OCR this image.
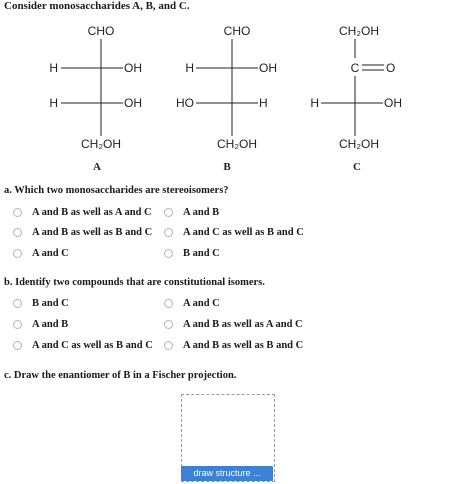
Consider monosaccharides A, B, and C.
CHO
H	OH
H	OH
CH₂OH
A
CHO
H	OH
HO	H
CH₂OH
B
CH₂OH
C O
H	OH
CH₂OH
C
a. Which two monosaccharides are stereoisomers?
A and B as well as A and C	A and B
A and B as well as B and C	A and C as well as B and C
A and C	B and C
b. Identify two compounds that are constitutional isomers.
B and C	A and C
A and B	A and B as well as A and C
A and C as well as B and C	A and B as well as B and C
c. Draw the enantiomer of B in a Fischer projection.
draw structure ...
